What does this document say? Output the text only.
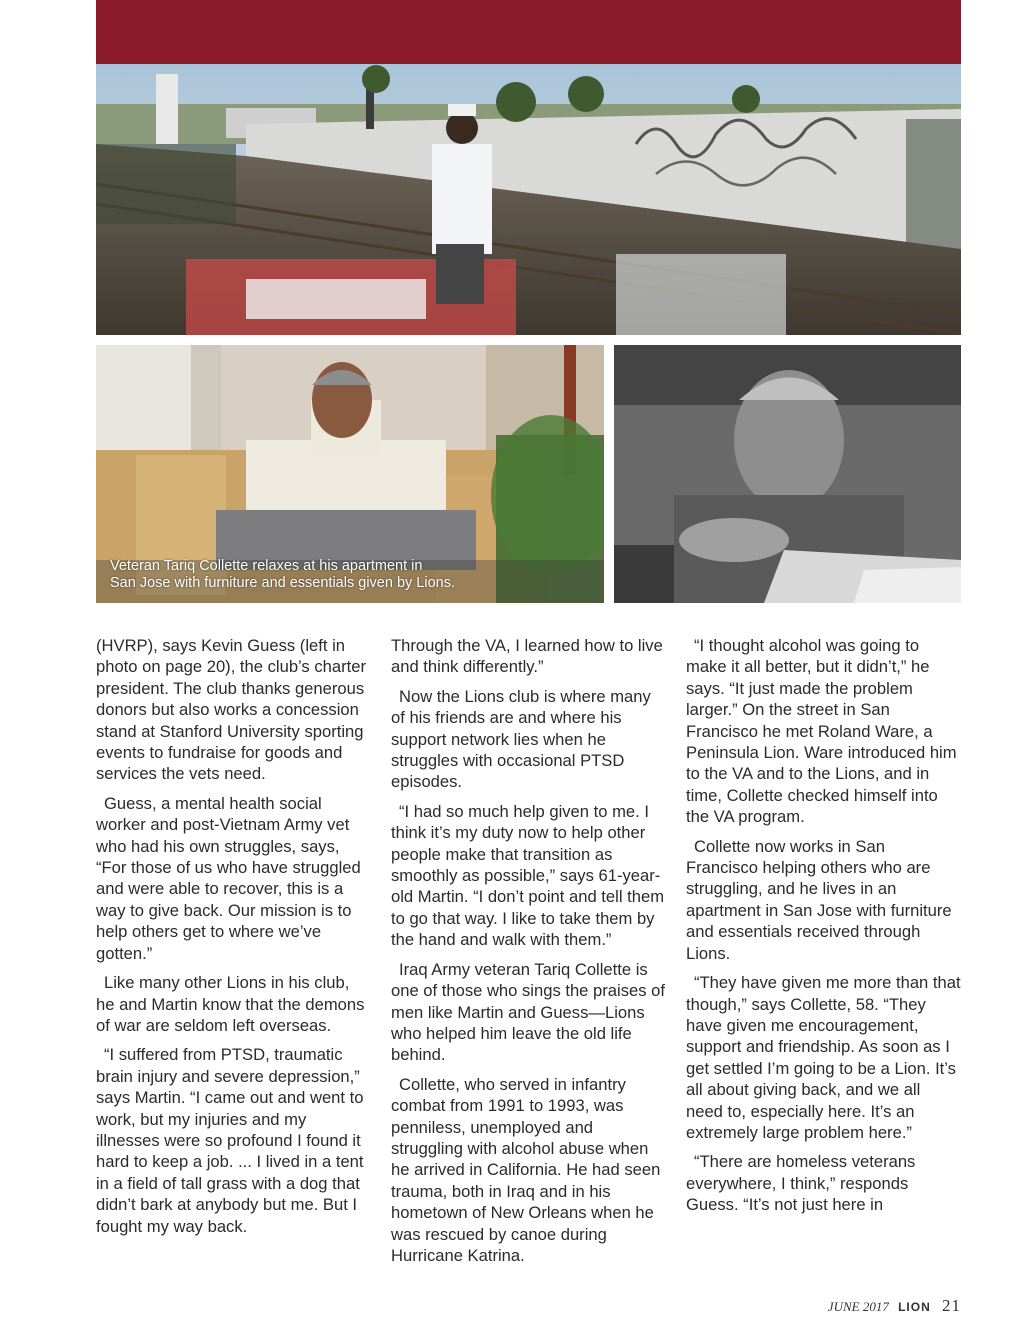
Veteran Tariq Collette relaxes at his apartment in
San Jose with furniture and essentials given by Lions.

(HVRP), says Kevin Guess (left in photo on page 20), the club’s charter president. The club thanks generous donors but also works a concession stand at Stanford University sporting events to fundraise for goods and services the vets need.

Guess, a mental health social worker and post-Vietnam Army vet who had his own struggles, says, “For those of us who have struggled and were able to recover, this is a way to give back. Our mission is to help others get to where we’ve gotten.”

Like many other Lions in his club, he and Martin know that the demons of war are seldom left overseas.

“I suffered from PTSD, traumatic brain injury and severe depression,” says Martin. “I came out and went to work, but my injuries and my illnesses were so profound I found it hard to keep a job. ... I lived in a tent in a field of tall grass with a dog that didn’t bark at anybody but me. But I fought my way back.

Through the VA, I learned how to live and think differently.”

Now the Lions club is where many of his friends are and where his support network lies when he struggles with occasional PTSD episodes.

“I had so much help given to me. I think it’s my duty now to help other people make that transition as smoothly as possible,” says 61-year-old Martin. “I don’t point and tell them to go that way. I like to take them by the hand and walk with them.”

Iraq Army veteran Tariq Collette is one of those who sings the praises of men like Martin and Guess—Lions who helped him leave the old life behind.

Collette, who served in infantry combat from 1991 to 1993, was penniless, unemployed and struggling with alcohol abuse when he arrived in California. He had seen trauma, both in Iraq and in his hometown of New Orleans when he was rescued by canoe during Hurricane Katrina.

“I thought alcohol was going to make it all better, but it didn’t,” he says. “It just made the problem larger.” On the street in San Francisco he met Roland Ware, a Peninsula Lion. Ware introduced him to the VA and to the Lions, and in time, Collette checked himself into the VA program.

Collette now works in San Francisco helping others who are struggling, and he lives in an apartment in San Jose with furniture and essentials received through Lions.

“They have given me more than that though,” says Collette, 58. “They have given me encouragement, support and friendship. As soon as I get settled I’m going to be a Lion. It’s all about giving back, and we all need to, especially here. It’s an extremely large problem here.”

“There are homeless veterans everywhere, I think,” responds Guess. “It’s not just here in

JUNE 2017 LION 21
